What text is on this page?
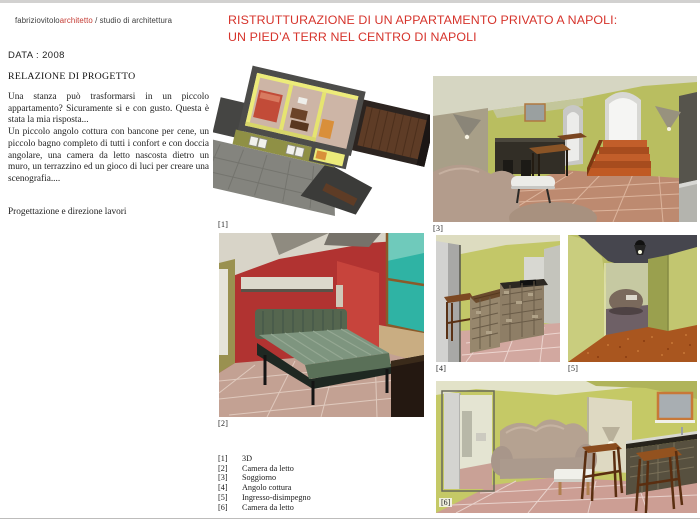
fabriziovitoloarchitetto / studio di architettura
DATA : 2008
RISTRUTTURAZIONE DI UN APPARTAMENTO PRIVATO A NAPOLI:
UN PIED’A TERR NEL CENTRO DI NAPOLI
RELAZIONE DI PROGETTO

Una stanza può trasformarsi in un piccolo appartamento? Sicuramente si e con gusto. Questa è stata la mia risposta...

Un piccolo angolo cottura con bancone per cene, un piccolo bagno completo di tutti i confort e con doccia angolare, una camera da letto nascosta dietro un muro, un terrazzino ed un gioco di luci per creare una scenografia....

Progettazione e direzione lavori
[1]
[2]
[3]
[4]	[5]
[6]
[1]	3D
[2]	Camera da letto
[3]	Soggiorno
[4]	Angolo cottura
[5]	Ingresso-disimpegno
[6]	Camera da letto
